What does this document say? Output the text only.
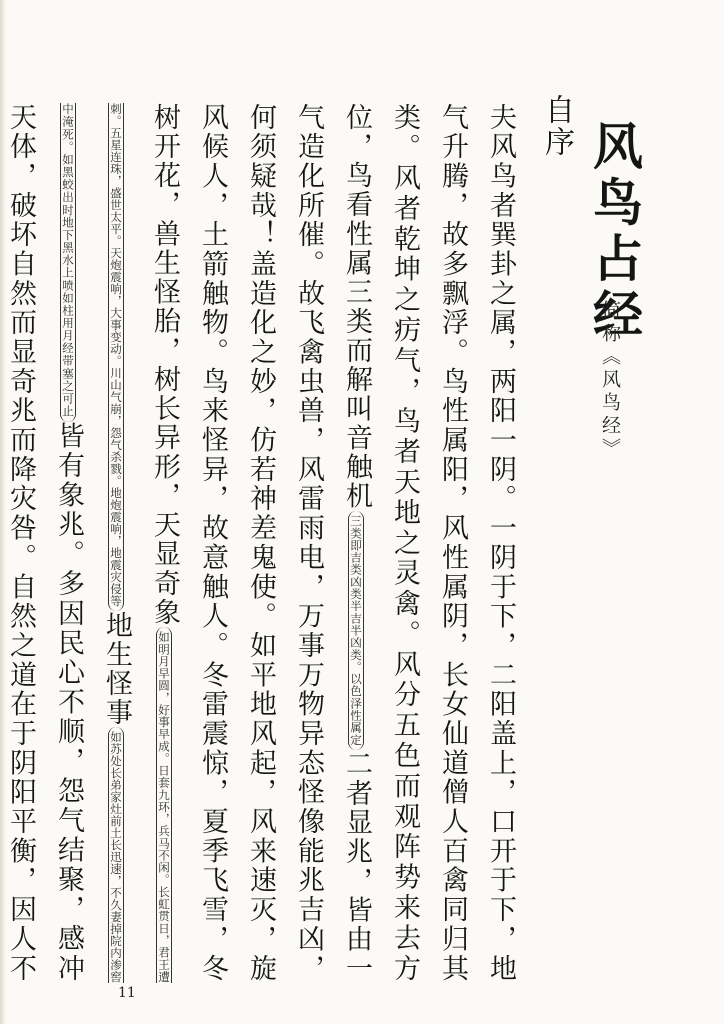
风鸟占经
简称《风鸟经》
自序
夫风鸟者巽卦之属，两阳一阴。一阴于下，二阳盖上，口开于下，地气升腾，故多飘浮。鸟性属阳，风性属阴，长女仙道僧人百禽同归其类。风者乾坤之疠气，鸟者天地之灵禽。风分五色而观阵势来去方位，鸟看性属三类而解叫音触机三类即吉类凶类半吉半凶类。以色泽性属定二者显兆，皆由一气造化所催。故飞禽虫兽，风雷雨电，万事万物异态怪像能兆吉凶，何须疑哉！盖造化之妙，仿若神差鬼使。如平地风起，风来速灭，旋风候人，土箭触物。鸟来怪异，故意触人。冬雷震惊，夏季飞雪，冬树开花，兽生怪胎，树长异形，天显奇象如明月早圆，好事早成。日套九环，兵马不闲。长虹贯日，君王遭刺。五星连珠，盛世太平。天炮震响，大事变动。川山气崩，怨气杀戮。地炮震响，地震灾侵等地生怪事如苏处长弟家灶前土长迅速，不久妻掉院内渗窖中淹死。如黑蛟出时地下黑水上喷如柱用月经带塞之可止皆有象兆。多因民心不顺，怨气结聚，感冲天体，破坏自然而显奇兆而降灾咎。自然之道在于阴阳平衡，因人不
11
